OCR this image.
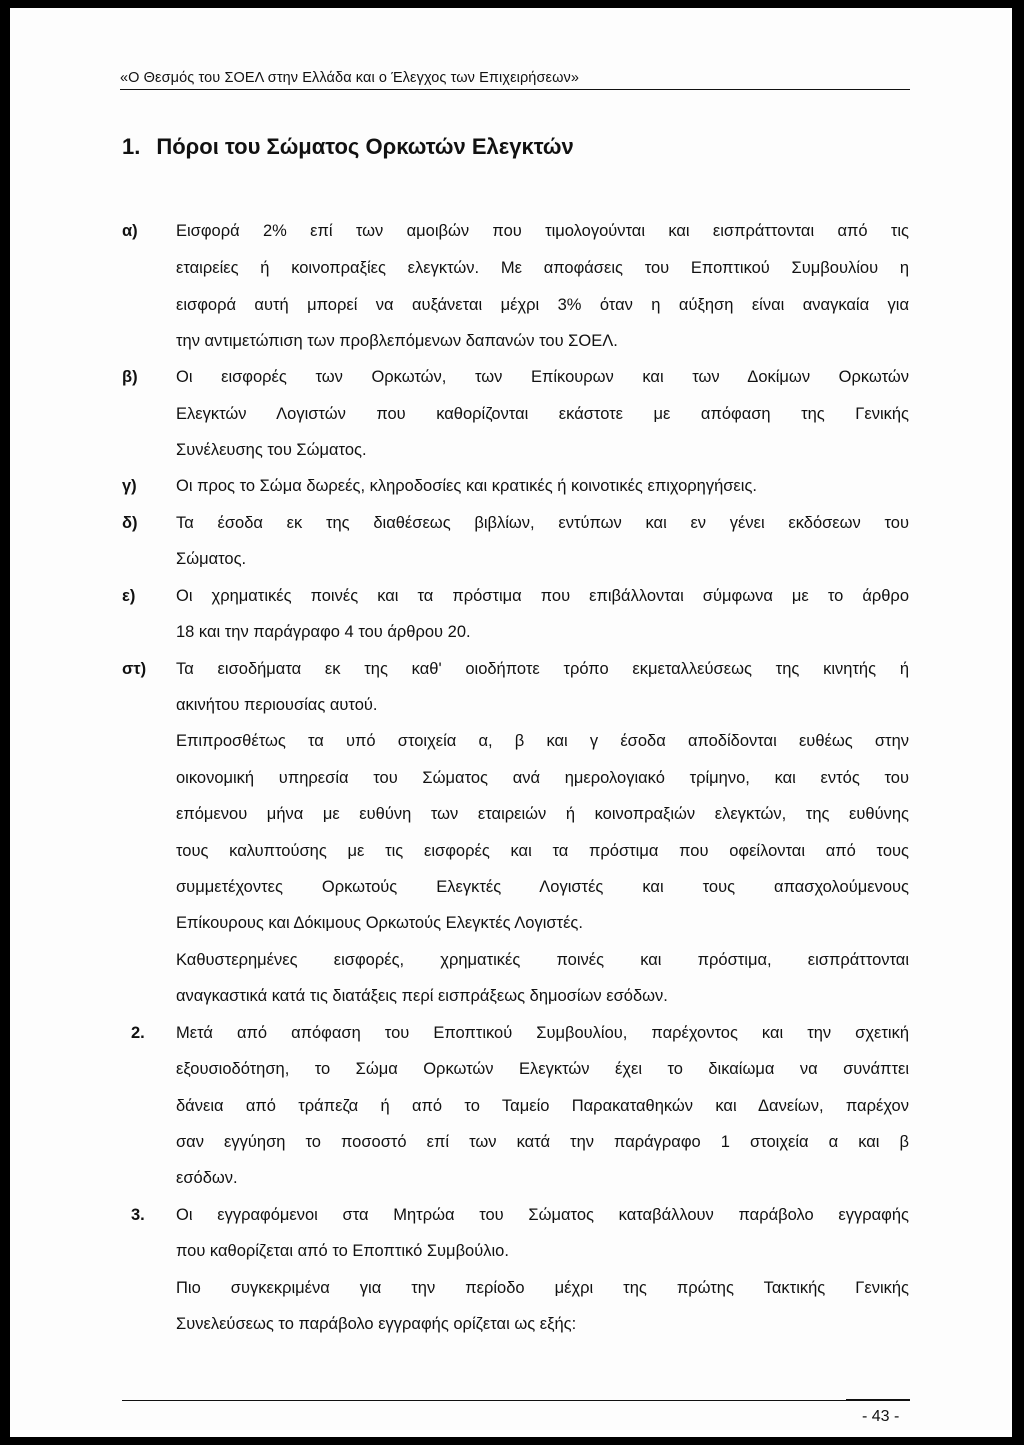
«Ο Θεσμός του ΣΟΕΛ στην Ελλάδα και ο Έλεγχος των Επιχειρήσεων»
1. Πόροι του Σώματος Ορκωτών Ελεγκτών
α) Εισφορά 2% επί των αμοιβών που τιμολογούνται και εισπράττονται από τις
εταιρείες ή κοινοπραξίες ελεγκτών. Με αποφάσεις του Εποπτικού Συμβουλίου η
εισφορά αυτή μπορεί να αυξάνεται μέχρι 3% όταν η αύξηση είναι αναγκαία για
την αντιμετώπιση των προβλεπόμενων δαπανών του ΣΟΕΛ.
β) Οι εισφορές των Ορκωτών, των Επίκουρων και των Δοκίμων Ορκωτών
Ελεγκτών Λογιστών που καθορίζονται εκάστοτε με απόφαση της Γενικής
Συνέλευσης του Σώματος.
γ) Οι προς το Σώμα δωρεές, κληροδοσίες και κρατικές ή κοινοτικές επιχορηγήσεις.
δ) Τα έσοδα εκ της διαθέσεως βιβλίων, εντύπων και εν γένει εκδόσεων του
Σώματος.
ε) Οι χρηματικές ποινές και τα πρόστιμα που επιβάλλονται σύμφωνα με το άρθρο
18 και την παράγραφο 4 του άρθρου 20.
στ) Τα εισοδήματα εκ της καθ' οιοδήποτε τρόπο εκμεταλλεύσεως της κινητής ή
ακινήτου περιουσίας αυτού.
Επιπροσθέτως τα υπό στοιχεία α, β και γ έσοδα αποδίδονται ευθέως στην
οικονομική υπηρεσία του Σώματος ανά ημερολογιακό τρίμηνο, και εντός του
επόμενου μήνα με ευθύνη των εταιρειών ή κοινοπραξιών ελεγκτών, της ευθύνης
τους καλυπτούσης με τις εισφορές και τα πρόστιμα που οφείλονται από τους
συμμετέχοντες Ορκωτούς Ελεγκτές Λογιστές και τους απασχολούμενους
Επίκουρους και Δόκιμους Ορκωτούς Ελεγκτές Λογιστές.
Καθυστερημένες εισφορές, χρηματικές ποινές και πρόστιμα, εισπράττονται
αναγκαστικά κατά τις διατάξεις περί εισπράξεως δημοσίων εσόδων.
2. Μετά από απόφαση του Εποπτικού Συμβουλίου, παρέχοντος και την σχετική
εξουσιοδότηση, το Σώμα Ορκωτών Ελεγκτών έχει το δικαίωμα να συνάπτει
δάνεια από τράπεζα ή από το Ταμείο Παρακαταθηκών και Δανείων, παρέχον
σαν εγγύηση το ποσοστό επί των κατά την παράγραφο 1 στοιχεία α και β
εσόδων.
3. Οι εγγραφόμενοι στα Μητρώα του Σώματος καταβάλλουν παράβολο εγγραφής
που καθορίζεται από το Εποπτικό Συμβούλιο.
Πιο συγκεκριμένα για την περίοδο μέχρι της πρώτης Τακτικής Γενικής
Συνελεύσεως το παράβολο εγγραφής ορίζεται ως εξής:
- 43 -
